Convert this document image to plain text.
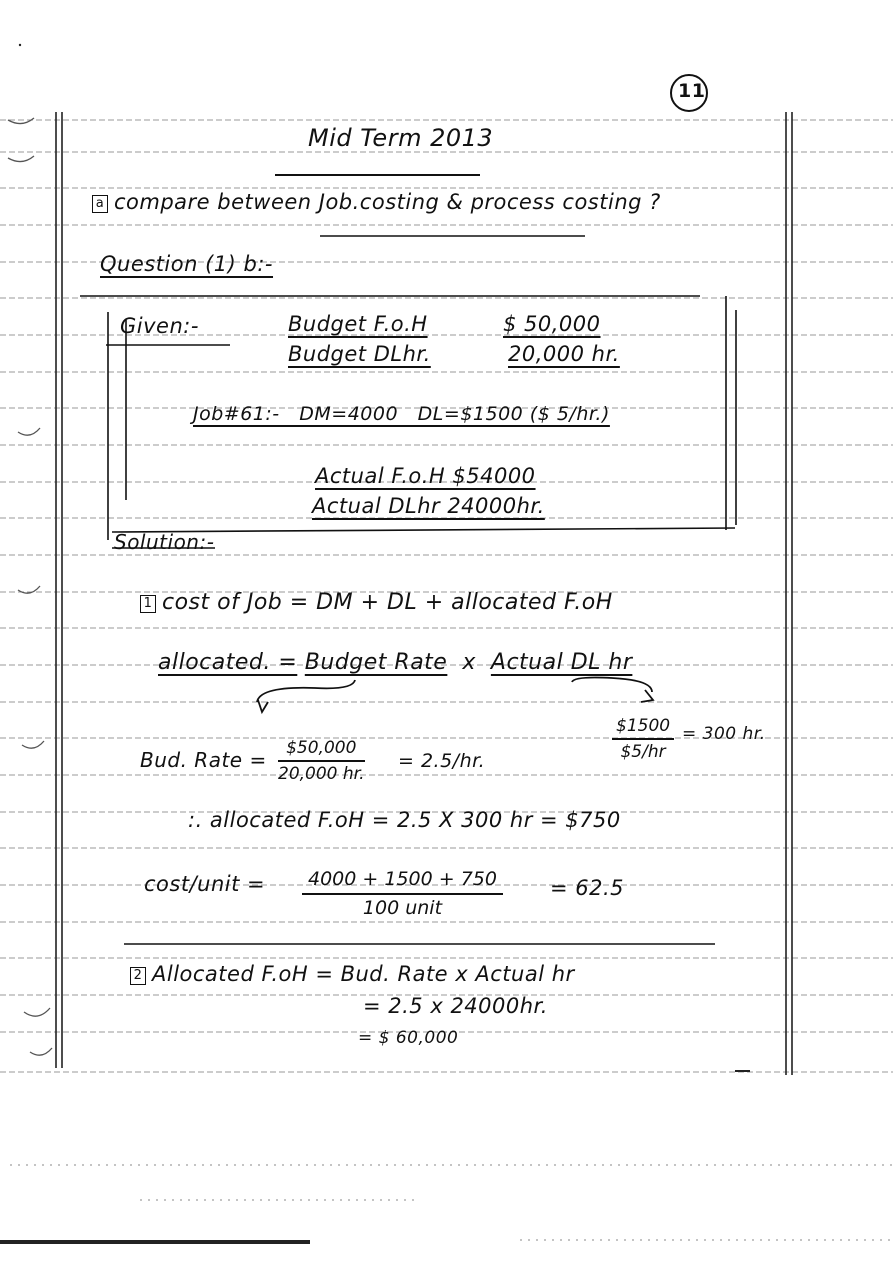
11
Mid Term 2013
a compare between Job.costing & process costing ?
Question (1) b:-
Given:-	Budget F.o.H	$ 50,000
Budget DLhr.	20,000 hr.
Job#61:-   DM=4000   DL=$1500 ($ 5/hr.)
Actual F.o.H $54000
Actual DLhr 24000hr.
Solution:-
1 cost of Job = DM + DL + allocated F.oH
allocated. = Budget Rate x Actual DL hr
$\frac{\$1500}{\$5/hr} = 300$ hr.
Bud. Rate = $\frac{\$50,000}{20,000 hr.} = 2.5/hr$.
:. allocated F.oH = 2.5 X 300 hr = $750
cost/unit =	4000 + 1500 + 750
100 unit
= 62.5
2 Allocated F.oH = Bud. Rate x Actual hr
= 2.5 x 24000hr.
= $ 60,000
